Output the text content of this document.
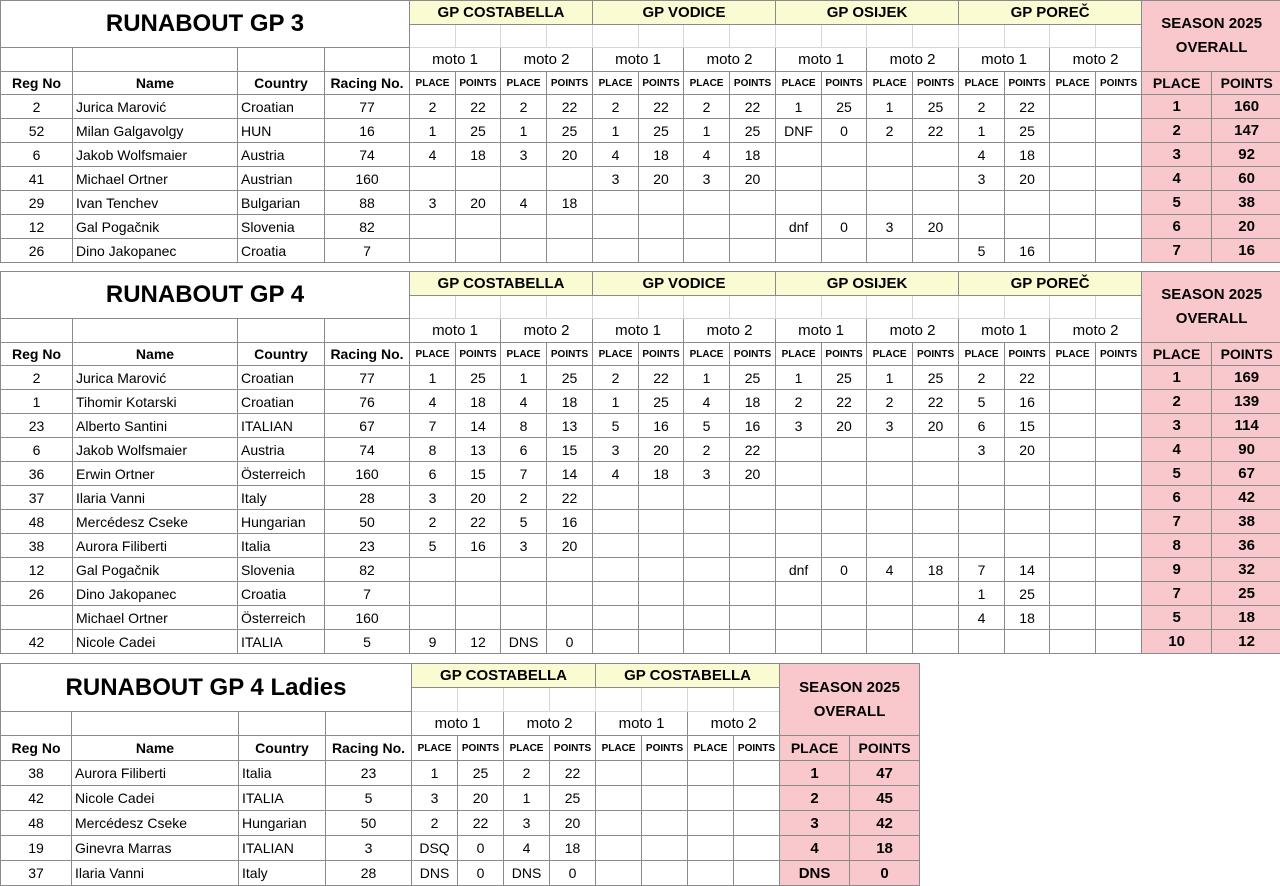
RUNABOUT GP 3				GP COSTABELLA				GP VODICE				GP OSIJEK				GP POREČ				SEASON 2025
OVERALL	

				moto 1		moto 2		moto 1		moto 2		moto 1		moto 2		moto 1		moto 2			
Reg No	Name	Country	Racing No.	PLACE	POINTS	PLACE	POINTS	PLACE	POINTS	PLACE	POINTS	PLACE	POINTS	PLACE	POINTS	PLACE	POINTS	PLACE	POINTS	PLACE	POINTS
2	Jurica Marović	Croatian	77	2	22	2	22	2	22	2	22	1	25	1	25	2	22			1	160
52	Milan Galgavolgy	HUN	16	1	25	1	25	1	25	1	25	DNF	0	2	22	1	25			2	147
6	Jakob Wolfsmaier	Austria	74	4	18	3	20	4	18	4	18					4	18			3	92
41	Michael Ortner	Austrian	160					3	20	3	20					3	20			4	60
29	Ivan Tenchev	Bulgarian	88	3	20	4	18													5	38
12	Gal Pogačnik	Slovenia	82									dnf	0	3	20					6	20
26	Dino Jakopanec	Croatia	7													5	16			7	16
RUNABOUT GP 4				GP COSTABELLA				GP VODICE				GP OSIJEK				GP POREČ				SEASON 2025
OVERALL	

				moto 1		moto 2		moto 1		moto 2		moto 1		moto 2		moto 1		moto 2			
Reg No	Name	Country	Racing No.	PLACE	POINTS	PLACE	POINTS	PLACE	POINTS	PLACE	POINTS	PLACE	POINTS	PLACE	POINTS	PLACE	POINTS	PLACE	POINTS	PLACE	POINTS
2	Jurica Marović	Croatian	77	1	25	1	25	2	22	1	25	1	25	1	25	2	22			1	169
1	Tihomir Kotarski	Croatian	76	4	18	4	18	1	25	4	18	2	22	2	22	5	16			2	139
23	Alberto Santini	ITALIAN	67	7	14	8	13	5	16	5	16	3	20	3	20	6	15			3	114
6	Jakob Wolfsmaier	Austria	74	8	13	6	15	3	20	2	22					3	20			4	90
36	Erwin Ortner	Österreich	160	6	15	7	14	4	18	3	20									5	67
37	Ilaria Vanni	Italy	28	3	20	2	22													6	42
48	Mercédesz Cseke	Hungarian	50	2	22	5	16													7	38
38	Aurora Filiberti	Italia	23	5	16	3	20													8	36
12	Gal Pogačnik	Slovenia	82									dnf	0	4	18	7	14			9	32
26	Dino Jakopanec	Croatia	7													1	25			7	25
	Michael Ortner	Österreich	160													4	18			5	18
42	Nicole Cadei	ITALIA	5	9	12	DNS	0													10	12
RUNABOUT GP 4 Ladies				GP COSTABELLA				GP COSTABELLA				SEASON 2025
OVERALL	

				moto 1		moto 2		moto 1		moto 2			
Reg No	Name	Country	Racing No.	PLACE	POINTS	PLACE	POINTS	PLACE	POINTS	PLACE	POINTS	PLACE	POINTS
38	Aurora Filiberti	Italia	23	1	25	2	22					1	47
42	Nicole Cadei	ITALIA	5	3	20	1	25					2	45
48	Mercédesz Cseke	Hungarian	50	2	22	3	20					3	42
19	Ginevra Marras	ITALIAN	3	DSQ	0	4	18					4	18
37	Ilaria Vanni	Italy	28	DNS	0	DNS	0					DNS	0
